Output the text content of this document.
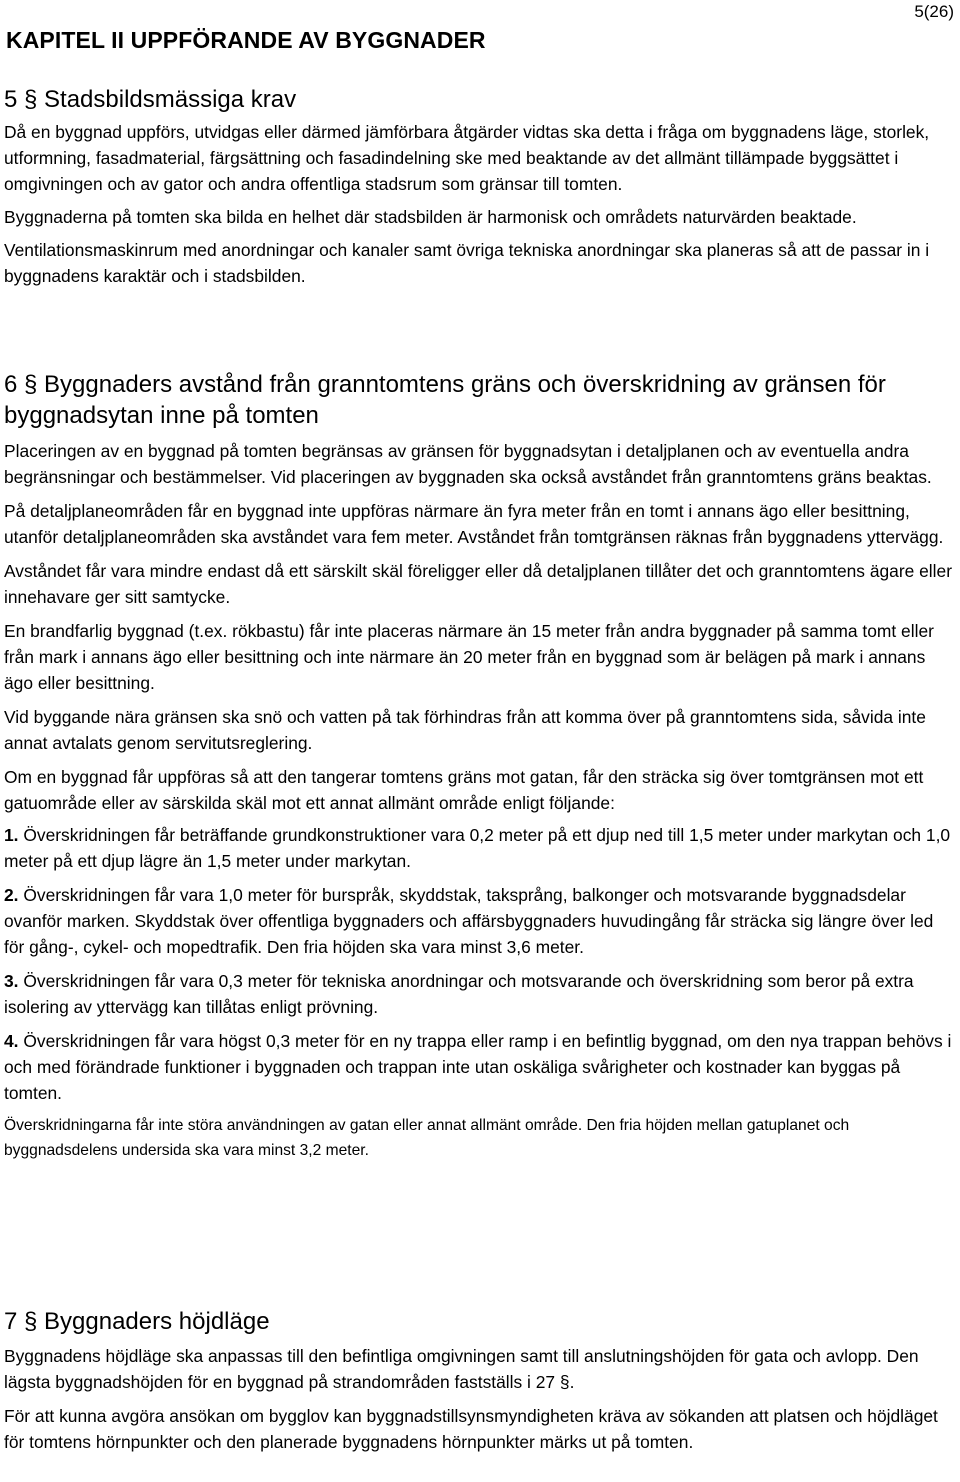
5(26)
KAPITEL II UPPFÖRANDE AV BYGGNADER
5 § Stadsbildsmässiga krav

Då en byggnad uppförs, utvidgas eller därmed jämförbara åtgärder vidtas ska detta i fråga om byggnadens läge, storlek, utformning, fasadmaterial, färgsättning och fasadindelning ske med beaktande av det allmänt tillämpade byggsättet i omgivningen och av gator och andra offentliga stadsrum som gränsar till tomten.

Byggnaderna på tomten ska bilda en helhet där stadsbilden är harmonisk och områdets naturvärden beaktade.

Ventilationsmaskinrum med anordningar och kanaler samt övriga tekniska anordningar ska planeras så att de passar in i byggnadens karaktär och i stadsbilden.

6 § Byggnaders avstånd från granntomtens gräns och överskridning av gränsen för byggnadsytan inne på tomten

Placeringen av en byggnad på tomten begränsas av gränsen för byggnadsytan i detaljplanen och av eventuella andra begränsningar och bestämmelser. Vid placeringen av byggnaden ska också avståndet från granntomtens gräns beaktas.

På detaljplaneområden får en byggnad inte uppföras närmare än fyra meter från en tomt i annans ägo eller besittning, utanför detaljplaneområden ska avståndet vara fem meter. Avståndet från tomtgränsen räknas från byggnadens yttervägg.

Avståndet får vara mindre endast då ett särskilt skäl föreligger eller då detaljplanen tillåter det och granntomtens ägare eller innehavare ger sitt samtycke.

En brandfarlig byggnad (t.ex. rökbastu) får inte placeras närmare än 15 meter från andra byggnader på samma tomt eller från mark i annans ägo eller besittning och inte närmare än 20 meter från en byggnad som är belägen på mark i annans ägo eller besittning.

Vid byggande nära gränsen ska snö och vatten på tak förhindras från att komma över på granntomtens sida, såvida inte annat avtalats genom servitutsreglering.

Om en byggnad får uppföras så att den tangerar tomtens gräns mot gatan, får den sträcka sig över tomtgränsen mot ett gatuområde eller av särskilda skäl mot ett annat allmänt område enligt följande:

1. Överskridningen får beträffande grundkonstruktioner vara 0,2 meter på ett djup ned till 1,5 meter under markytan och 1,0 meter på ett djup lägre än 1,5 meter under markytan.

2. Överskridningen får vara 1,0 meter för burspråk, skyddstak, taksprång, balkonger och motsvarande byggnadsdelar ovanför marken. Skyddstak över offentliga byggnaders och affärsbyggnaders huvudingång får sträcka sig längre över led för gång-, cykel- och mopedtrafik. Den fria höjden ska vara minst 3,6 meter.

3. Överskridningen får vara 0,3 meter för tekniska anordningar och motsvarande och överskridning som beror på extra isolering av yttervägg kan tillåtas enligt prövning.

4. Överskridningen får vara högst 0,3 meter för en ny trappa eller ramp i en befintlig byggnad, om den nya trappan behövs i och med förändrade funktioner i byggnaden och trappan inte utan oskäliga svårigheter och kostnader kan byggas på tomten.

Överskridningarna får inte störa användningen av gatan eller annat allmänt område. Den fria höjden mellan gatuplanet och byggnadsdelens undersida ska vara minst 3,2 meter.

7 § Byggnaders höjdläge

Byggnadens höjdläge ska anpassas till den befintliga omgivningen samt till anslutningshöjden för gata och avlopp. Den lägsta byggnadshöjden för en byggnad på strandområden fastställs i 27 §.

För att kunna avgöra ansökan om bygglov kan byggnadstillsynsmyndigheten kräva av sökanden att platsen och höjdläget för tomtens hörnpunkter och den planerade byggnadens hörnpunkter märks ut på tomten.
